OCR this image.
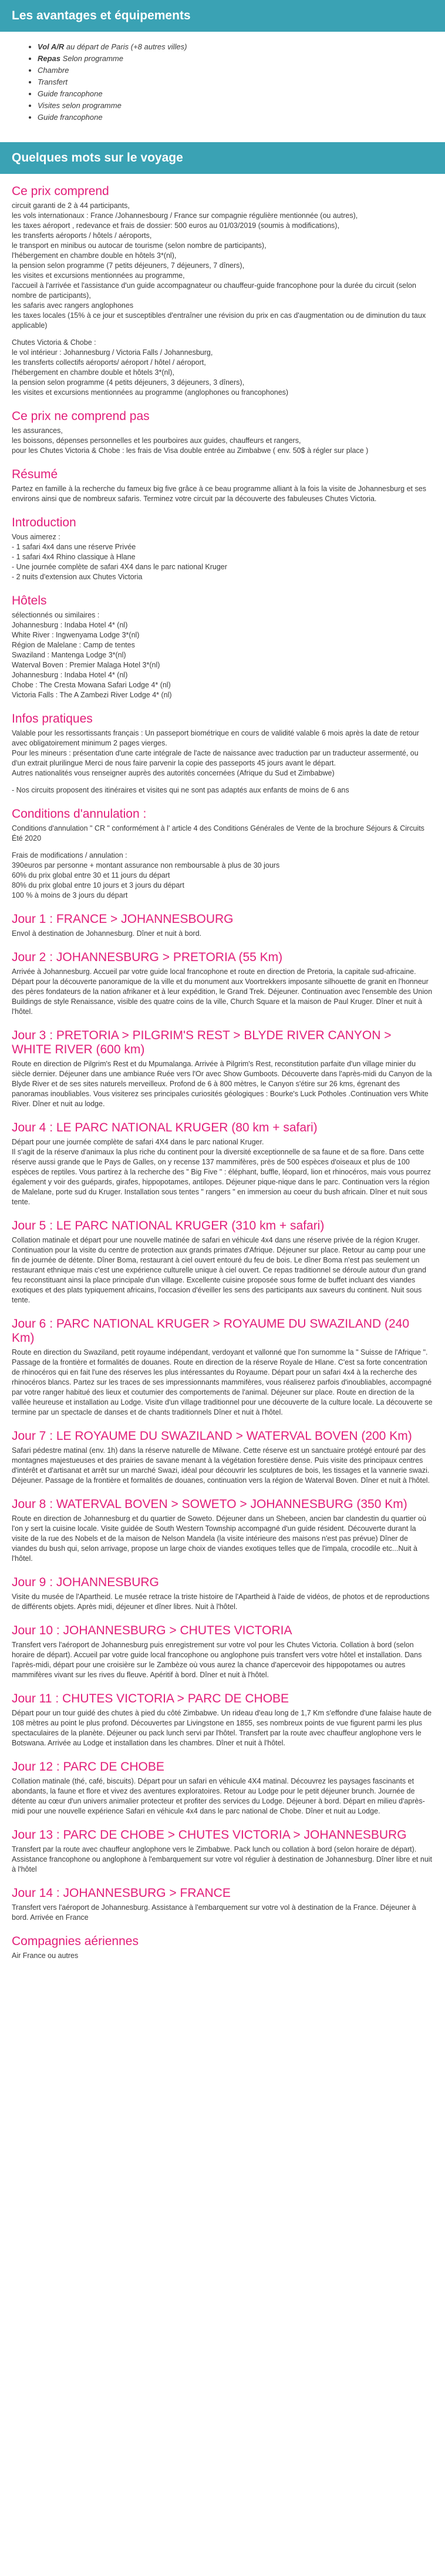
Les avantages et équipements
• Vol A/R au départ de Paris (+8 autres villes)
• Repas Selon programme
• Chambre
• Transfert
• Guide francophone
• Visites selon programme
• Guide francophone
Quelques mots sur le voyage
Ce prix comprend

circuit garanti de 2 à 44 participants,

les vols internationaux : France /Johannesbourg / France sur compagnie régulière mentionnée (ou autres),

les taxes aéroport , redevance et frais de dossier: 500 euros au 01/03/2019 (soumis à modifications),

les transferts aéroports / hôtels / aéroports,

le transport en minibus ou autocar de tourisme (selon nombre de participants),

l'hébergement en chambre double en hôtels 3*(nl),

la pension selon programme (7 petits déjeuners, 7 déjeuners, 7 dîners),

les visites et excursions mentionnées au programme,

l'accueil à l'arrivée et l'assistance d'un guide accompagnateur ou chauffeur-guide francophone pour la durée du circuit (selon nombre de participants),

les safaris avec rangers anglophones

les taxes locales (15% à ce jour et susceptibles d'entraîner une révision du prix en cas d'augmentation ou de diminution du taux applicable)

Chutes Victoria & Chobe :

le vol intérieur : Johannesburg / Victoria Falls / Johannesburg,

les transferts collectifs aéroports/ aéroport / hôtel / aéroport,

l'hébergement en chambre double et hôtels 3*(nl),

la pension selon programme (4 petits déjeuners, 3 déjeuners, 3 dîners),

les visites et excursions mentionnées au programme (anglophones ou francophones)

Ce prix ne comprend pas

les assurances,

les boissons, dépenses personnelles et les pourboires aux guides, chauffeurs et rangers,

pour les Chutes Victoria & Chobe : les frais de Visa double entrée au Zimbabwe ( env. 50$ à régler sur place )

Résumé

Partez en famille à la recherche du fameux big five grâce à ce beau programme alliant à la fois la visite de Johannesburg et ses environs ainsi que de nombreux safaris. Terminez votre circuit par la découverte des fabuleuses Chutes Victoria.

Introduction

Vous aimerez :

- 1 safari 4x4 dans une réserve Privée

- 1 safari 4x4 Rhino classique à Hlane

- Une journée complète de safari 4X4 dans le parc national Kruger

- 2 nuits d'extension aux Chutes Victoria

Hôtels

sélectionnés ou similaires :

Johannesburg : Indaba Hotel 4* (nl)

White River : Ingwenyama Lodge 3*(nl)

Région de Malelane : Camp de tentes

Swaziland : Mantenga Lodge 3*(nl)

Waterval Boven : Premier Malaga Hotel 3*(nl)

Johannesburg : Indaba Hotel 4* (nl)

Chobe : The Cresta Mowana Safari Lodge 4* (nl)

Victoria Falls : The A Zambezi River Lodge 4* (nl)

Infos pratiques

Valable pour les ressortissants français : Un passeport biométrique en cours de validité valable 6 mois après la date de retour avec obligatoirement minimum 2 pages vierges.

Pour les mineurs : présentation d'une carte intégrale de l'acte de naissance avec traduction par un traducteur assermenté, ou d'un extrait plurilingue Merci de nous faire parvenir la copie des passeports 45 jours avant le départ.

Autres nationalités vous renseigner auprès des autorités concernées (Afrique du Sud et Zimbabwe)

- Nos circuits proposent des itinéraires et visites qui ne sont pas adaptés aux enfants de moins de 6 ans

Conditions d'annulation :

Conditions d'annulation " CR " conformément à l' article 4 des Conditions Générales de Vente de la brochure Séjours & Circuits Été 2020

Frais de modifications / annulation :

390euros par personne + montant assurance non remboursable à plus de 30 jours

60% du prix global entre 30 et 11 jours du départ

80% du prix global entre 10 jours et 3 jours du départ

100 % à moins de 3 jours du départ

Jour 1 : FRANCE > JOHANNESBOURG

Envol à destination de Johannesburg. Dîner et nuit à bord.

Jour 2 : JOHANNESBURG > PRETORIA (55 Km)

Arrivée à Johannesburg. Accueil par votre guide local francophone et route en direction de Pretoria, la capitale sud-africaine. Départ pour la découverte panoramique de la ville et du monument aux Voortrekkers imposante silhouette de granit en l'honneur des pères fondateurs de la nation afrikaner et à leur expédition, le Grand Trek. Déjeuner. Continuation avec l'ensemble des Union Buildings de style Renaissance, visible des quatre coins de la ville, Church Square et la maison de Paul Kruger. Dîner et nuit à l'hôtel.

Jour 3 : PRETORIA > PILGRIM'S REST > BLYDE RIVER CANYON > WHITE RIVER (600 km)

Route en direction de Pilgrim's Rest et du Mpumalanga. Arrivée à Pilgrim's Rest, reconstitution parfaite d'un village minier du siècle dernier. Déjeuner dans une ambiance Ruée vers l'Or avec Show Gumboots. Découverte dans l'après-midi du Canyon de la Blyde River et de ses sites naturels merveilleux. Profond de 6 à 800 mètres, le Canyon s'étire sur 26 kms, égrenant des panoramas inoubliables. Vous visiterez ses principales curiosités géologiques : Bourke's Luck Potholes .Continuation vers White River. Dîner et nuit au lodge.

Jour 4 : LE PARC NATIONAL KRUGER (80 km + safari)

Départ pour une journée complète de safari 4X4 dans le parc national Kruger.

Il s'agit de la réserve d'animaux la plus riche du continent pour la diversité exceptionnelle de sa faune et de sa flore. Dans cette réserve aussi grande que le Pays de Galles, on y recense 137 mammifères, près de 500 espèces d'oiseaux et plus de 100 espèces de reptiles. Vous partirez à la recherche des " Big Five " : éléphant, buffle, léopard, lion et rhinocéros, mais vous pourrez également y voir des guépards, girafes, hippopotames, antilopes. Déjeuner pique-nique dans le parc. Continuation vers la région de Malelane, porte sud du Kruger. Installation sous tentes " rangers " en immersion au coeur du bush africain. Dîner et nuit sous tente.

Jour 5 : LE PARC NATIONAL KRUGER (310 km + safari)

Collation matinale et départ pour une nouvelle matinée de safari en véhicule 4x4 dans une réserve privée de la région Kruger. Continuation pour la visite du centre de protection aux grands primates d'Afrique. Déjeuner sur place. Retour au camp pour une fin de journée de détente. Dîner Boma, restaurant à ciel ouvert entouré du feu de bois. Le dîner Boma n'est pas seulement un restaurant ethnique mais c'est une expérience culturelle unique à ciel ouvert. Ce repas traditionnel se déroule autour d'un grand feu reconstituant ainsi la place principale d'un village. Excellente cuisine proposée sous forme de buffet incluant des viandes exotiques et des plats typiquement africains, l'occasion d'éveiller les sens des participants aux saveurs du continent. Nuit sous tente.

Jour 6 : PARC NATIONAL KRUGER > ROYAUME DU SWAZILAND (240 Km)

Route en direction du Swaziland, petit royaume indépendant, verdoyant et vallonné que l'on surnomme la " Suisse de l'Afrique ". Passage de la frontière et formalités de douanes. Route en direction de la réserve Royale de Hlane. C'est sa forte concentration de rhinocéros qui en fait l'une des réserves les plus intéressantes du Royaume. Départ pour un safari 4x4 à la recherche des rhinocéros blancs. Partez sur les traces de ses impressionnants mammifères, vous réaliserez parfois d'inoubliables, accompagné par votre ranger habitué des lieux et coutumier des comportements de l'animal. Déjeuner sur place. Route en direction de la vallée heureuse et installation au Lodge. Visite d'un village traditionnel pour une découverte de la culture locale. La découverte se termine par un spectacle de danses et de chants traditionnels Dîner et nuit à l'hôtel.

Jour 7 : LE ROYAUME DU SWAZILAND > WATERVAL BOVEN (200 Km)

Safari pédestre matinal (env. 1h) dans la réserve naturelle de Milwane. Cette réserve est un sanctuaire protégé entouré par des montagnes majestueuses et des prairies de savane menant à la végétation forestière dense. Puis visite des principaux centres d'intérêt et d'artisanat et arrêt sur un marché Swazi, idéal pour découvrir les sculptures de bois, les tissages et la vannerie swazi. Déjeuner. Passage de la frontière et formalités de douanes, continuation vers la région de Waterval Boven. Dîner et nuit à l'hôtel.

Jour 8 : WATERVAL BOVEN > SOWETO > JOHANNESBURG (350 Km)

Route en direction de Johannesburg et du quartier de Soweto. Déjeuner dans un Shebeen, ancien bar clandestin du quartier où l'on y sert la cuisine locale. Visite guidée de South Western Township accompagné d'un guide résident. Découverte durant la visite de la rue des Nobels et de la maison de Nelson Mandela (la visite intérieure des maisons n'est pas prévue) Dîner de viandes du bush qui, selon arrivage, propose un large choix de viandes exotiques telles que de l'impala, crocodile etc...Nuit à l'hôtel.

Jour 9 : JOHANNESBURG

Visite du musée de l'Apartheid. Le musée retrace la triste histoire de l'Apartheid à l'aide de vidéos, de photos et de reproductions de différents objets. Après midi, déjeuner et dîner libres. Nuit à l'hôtel.

Jour 10 : JOHANNESBURG > CHUTES VICTORIA

Transfert vers l'aéroport de Johannesburg puis enregistrement sur votre vol pour les Chutes Victoria. Collation à bord (selon horaire de départ). Accueil par votre guide local francophone ou anglophone puis transfert vers votre hôtel et installation. Dans l'après-midi, départ pour une croisière sur le Zambèze où vous aurez la chance d'apercevoir des hippopotames ou autres mammifères vivant sur les rives du fleuve. Apéritif à bord. Dîner et nuit à l'hôtel.

Jour 11 : CHUTES VICTORIA > PARC DE CHOBE

Départ pour un tour guidé des chutes à pied du côté Zimbabwe. Un rideau d'eau long de 1,7 Km s'effondre d'une falaise haute de 108 mètres au point le plus profond. Découvertes par Livingstone en 1855, ses nombreux points de vue figurent parmi les plus spectaculaires de la planète. Déjeuner ou pack lunch servi par l'hôtel. Transfert par la route avec chauffeur anglophone vers le Botswana. Arrivée au Lodge et installation dans les chambres. Dîner et nuit à l'hôtel.

Jour 12 : PARC DE CHOBE

Collation matinale (thé, café, biscuits). Départ pour un safari en véhicule 4X4 matinal. Découvrez les paysages fascinants et abondants, la faune et flore et vivez des aventures exploratoires. Retour au Lodge pour le petit déjeuner brunch. Journée de détente au cœur d'un univers animalier protecteur et profiter des services du Lodge. Déjeuner à bord. Départ en milieu d'après-midi pour une nouvelle expérience Safari en véhicule 4x4 dans le parc national de Chobe. Dîner et nuit au Lodge.

Jour 13 : PARC DE CHOBE > CHUTES VICTORIA > JOHANNESBURG

Transfert par la route avec chauffeur anglophone vers le Zimbabwe. Pack lunch ou collation à bord (selon horaire de départ). Assistance francophone ou anglophone à l'embarquement sur votre vol régulier à destination de Johannesburg. Dîner libre et nuit à l'hôtel

Jour 14 : JOHANNESBURG > FRANCE

Transfert vers l'aéroport de Johannesburg. Assistance à l'embarquement sur votre vol à destination de la France. Déjeuner à bord. Arrivée en France

Compagnies aériennes

Air France ou autres
